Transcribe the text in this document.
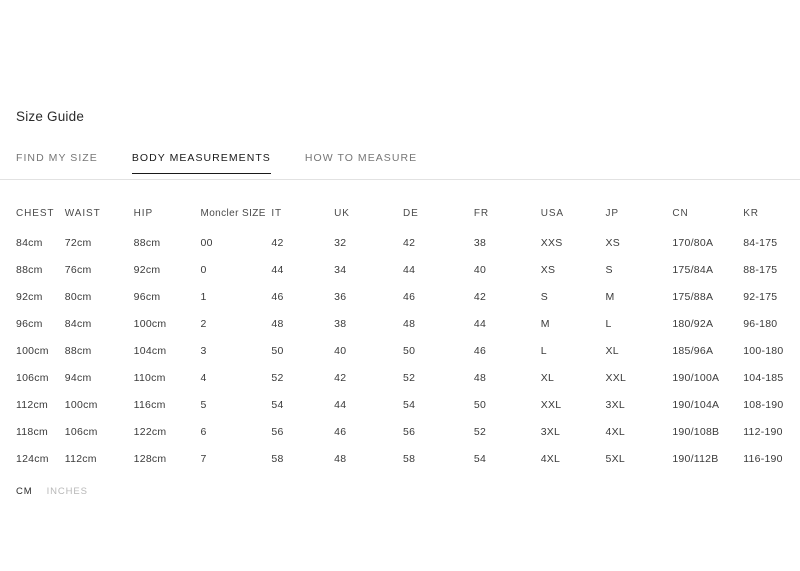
Size Guide
FIND MY SIZE	BODY MEASUREMENTS	HOW TO MEASURE
CHEST	WAIST	HIP	Moncler SIZE	IT	UK	DE	FR	USA	JP	CN	KR
84cm	72cm	88cm	00	42	32	42	38	XXS	XS	170/80A	84-175
88cm	76cm	92cm	0	44	34	44	40	XS	S	175/84A	88-175
92cm	80cm	96cm	1	46	36	46	42	S	M	175/88A	92-175
96cm	84cm	100cm	2	48	38	48	44	M	L	180/92A	96-180
100cm	88cm	104cm	3	50	40	50	46	L	XL	185/96A	100-180
106cm	94cm	110cm	4	52	42	52	48	XL	XXL	190/100A	104-185
112cm	100cm	116cm	5	54	44	54	50	XXL	3XL	190/104A	108-190
118cm	106cm	122cm	6	56	46	56	52	3XL	4XL	190/108B	112-190
124cm	112cm	128cm	7	58	48	58	54	4XL	5XL	190/112B	116-190
CM INCHES
